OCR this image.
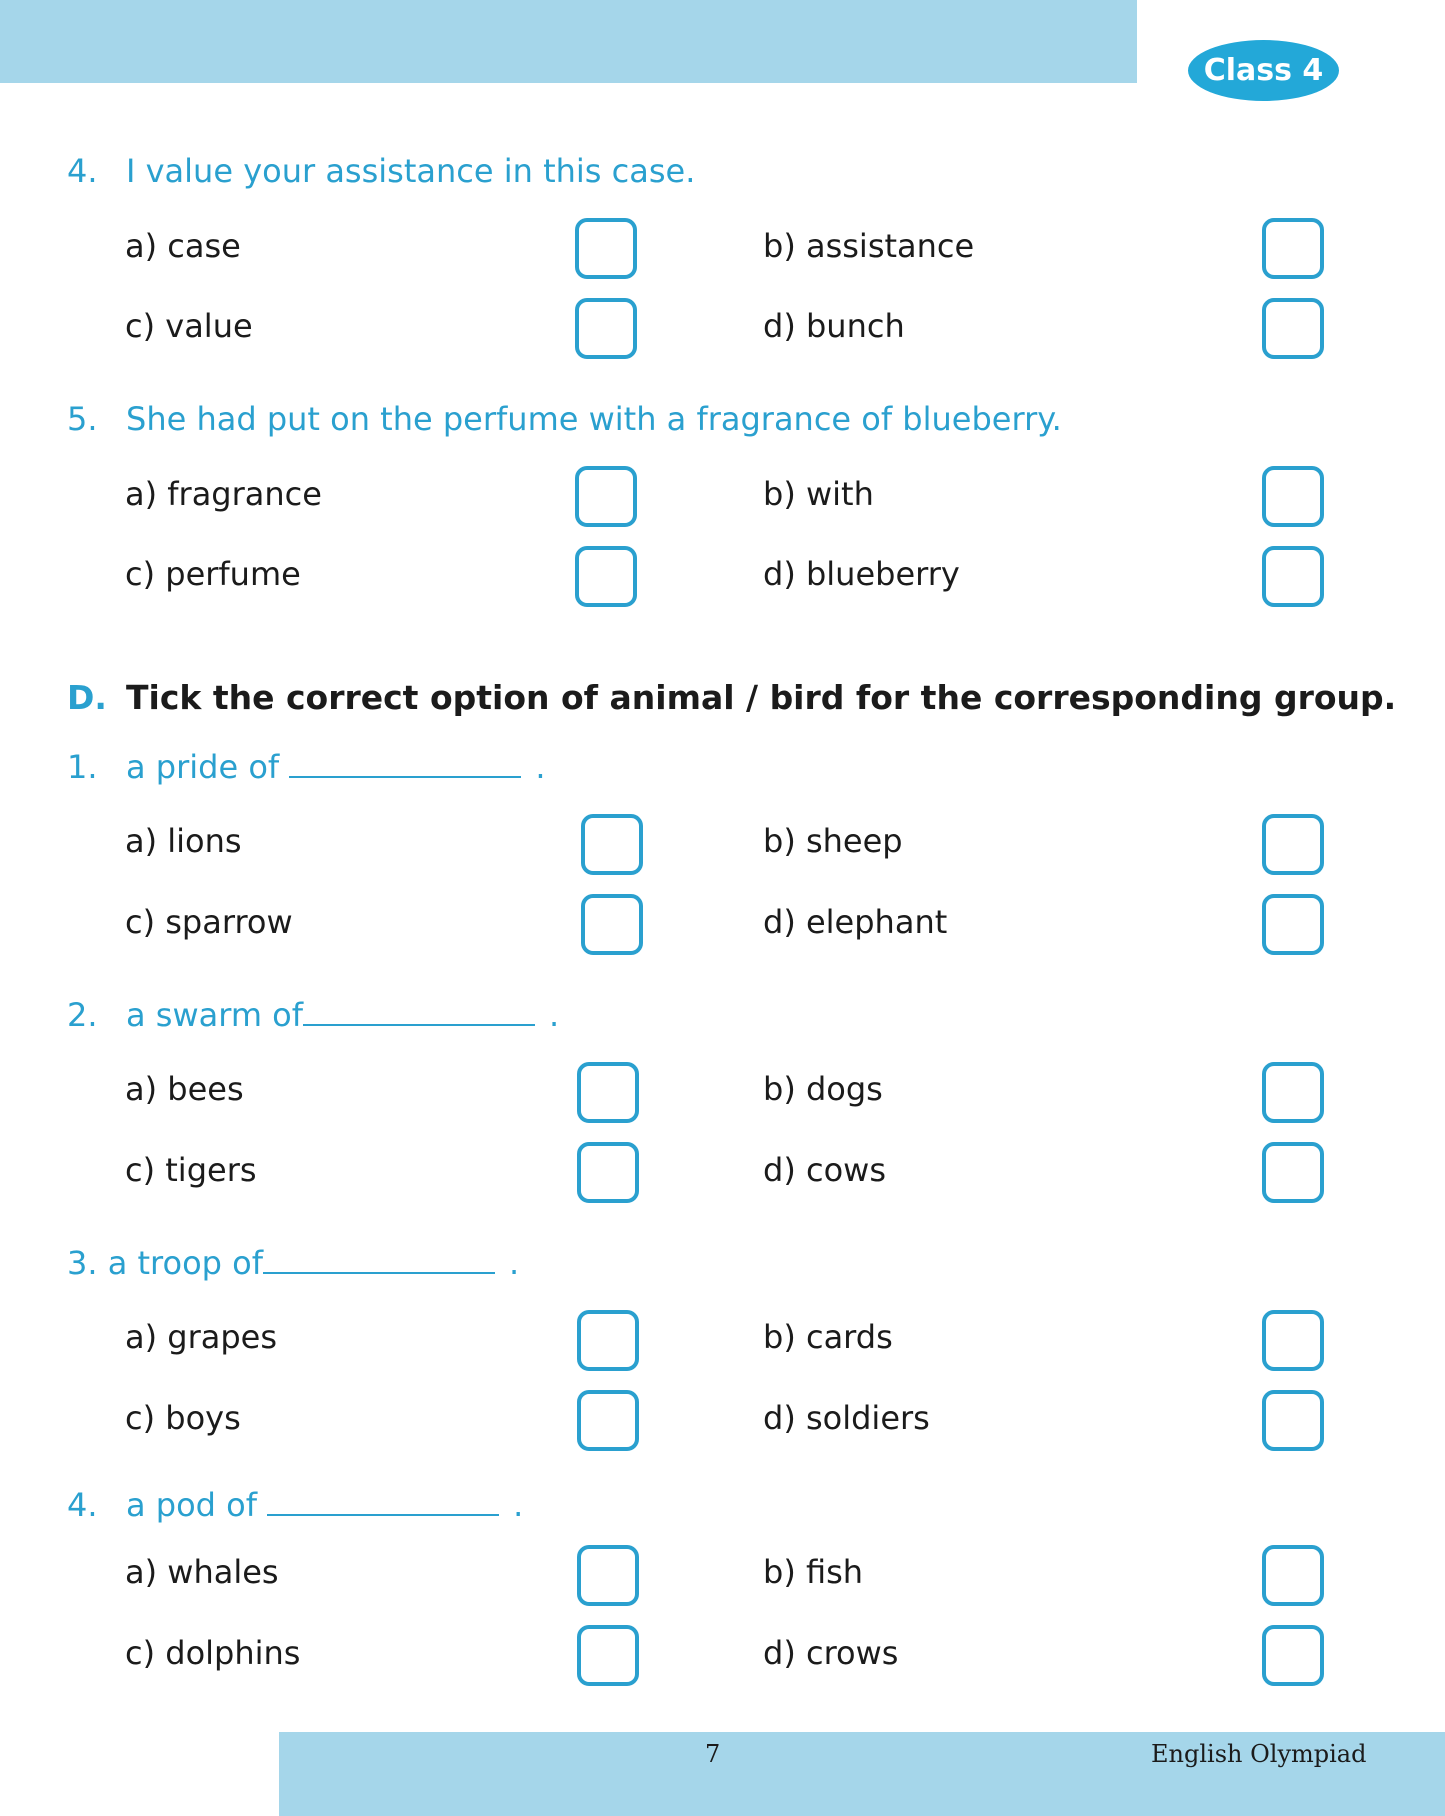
Class 4
4. I value your assistance in this case.
a) case	b) assistance
c) value	d) bunch
5. She had put on the perfume with a fragrance of blueberry.
a) fragrance	b) with
c) perfume	d) blueberry
D. Tick the correct option of animal / bird for the corresponding group.
1. a pride of	.
a) lions	b) sheep
c) sparrow	d) elephant
2. a swarm of	.
a) bees	b) dogs
c) tigers	d) cows
3. a troop of	.
a) grapes	b) cards
c) boys	d) soldiers
4. a pod of	.
a) whales	b) fish
c) dolphins	d) crows
7	English Olympiad
